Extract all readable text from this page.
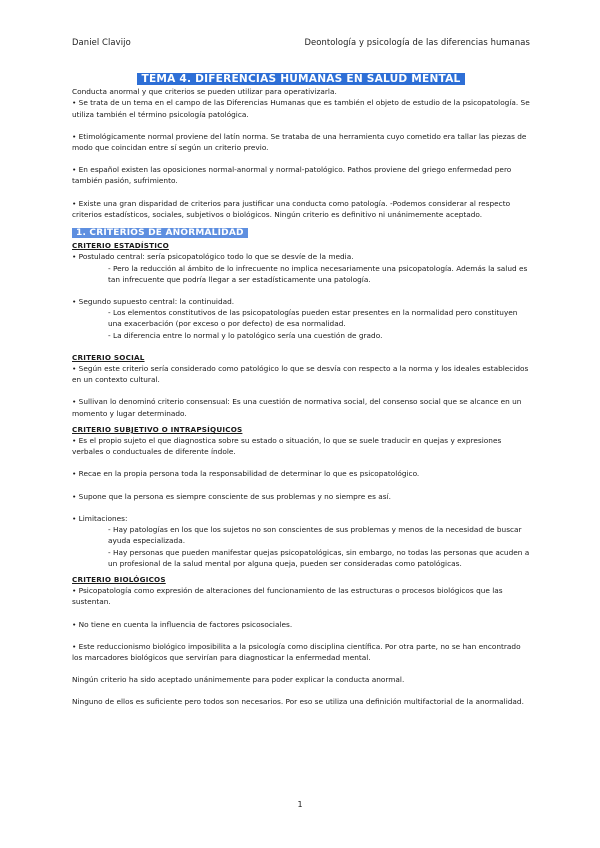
Daniel Clavijo	Deontología y psicología de las diferencias humanas
TEMA 4. DIFERENCIAS HUMANAS EN SALUD MENTAL

Conducta anormal y que criterios se pueden utilizar para operativizarla.

• Se trata de un tema en el campo de las Diferencias Humanas que es también el objeto de estudio de la psicopatología. Se utiliza también el término psicología patológica.

• Etimológicamente normal proviene del latín norma. Se trataba de una herramienta cuyo cometido era tallar las piezas de modo que coincidan entre sí según un criterio previo.

• En español existen las oposiciones normal-anormal y normal-patológico. Pathos proviene del griego enfermedad pero también pasión, sufrimiento.

• Existe una gran disparidad de criterios para justificar una conducta como patología. -Podemos considerar al respecto criterios estadísticos, sociales, subjetivos o biológicos. Ningún criterio es definitivo ni unánimemente aceptado.

1. CRITERIOS DE ANORMALIDAD
CRITERIO ESTADÍSTICO

• Postulado central: sería psicopatológico todo lo que se desvíe de la media.

- Pero la reducción al ámbito de lo infrecuente no implica necesariamente una psicopatología. Además la salud es tan infrecuente que podría llegar a ser estadísticamente una patología.

• Segundo supuesto central: la continuidad.

- Los elementos constitutivos de las psicopatologías pueden estar presentes en la normalidad pero constituyen una exacerbación (por exceso o por defecto) de esa normalidad.

- La diferencia entre lo normal y lo patológico sería una cuestión de grado.

CRITERIO SOCIAL

• Según este criterio sería considerado como patológico lo que se desvía con respecto a la norma y los ideales establecidos en un contexto cultural.

• Sullivan lo denominó criterio consensual: Es una cuestión de normativa social, del consenso social que se alcance en un momento y lugar determinado.

CRITERIO SUBJETIVO O INTRAPSÍQUICOS

• Es el propio sujeto el que diagnostica sobre su estado o situación, lo que se suele traducir en quejas y expresiones verbales o conductuales de diferente índole.

• Recae en la propia persona toda la responsabilidad de determinar lo que es psicopatológico.

• Supone que la persona es siempre consciente de sus problemas y no siempre es así.

• Limitaciones:

- Hay patologías en los que los sujetos no son conscientes de sus problemas y menos de la necesidad de buscar ayuda especializada.

- Hay personas que pueden manifestar quejas psicopatológicas, sin embargo, no todas las personas que acuden a un profesional de la salud mental por alguna queja, pueden ser consideradas como patológicas.

CRITERIO BIOLÓGICOS

• Psicopatología como expresión de alteraciones del funcionamiento de las estructuras o procesos biológicos que las sustentan.

• No tiene en cuenta la influencia de factores psicosociales.

• Este reduccionismo biológico imposibilita a la psicología como disciplina científica. Por otra parte, no se han encontrado los marcadores biológicos que servirían para diagnosticar la enfermedad mental.

Ningún criterio ha sido aceptado unánimemente para poder explicar la conducta anormal.

Ninguno de ellos es suficiente pero todos son necesarios. Por eso se utiliza una definición multifactorial de la anormalidad.

1
